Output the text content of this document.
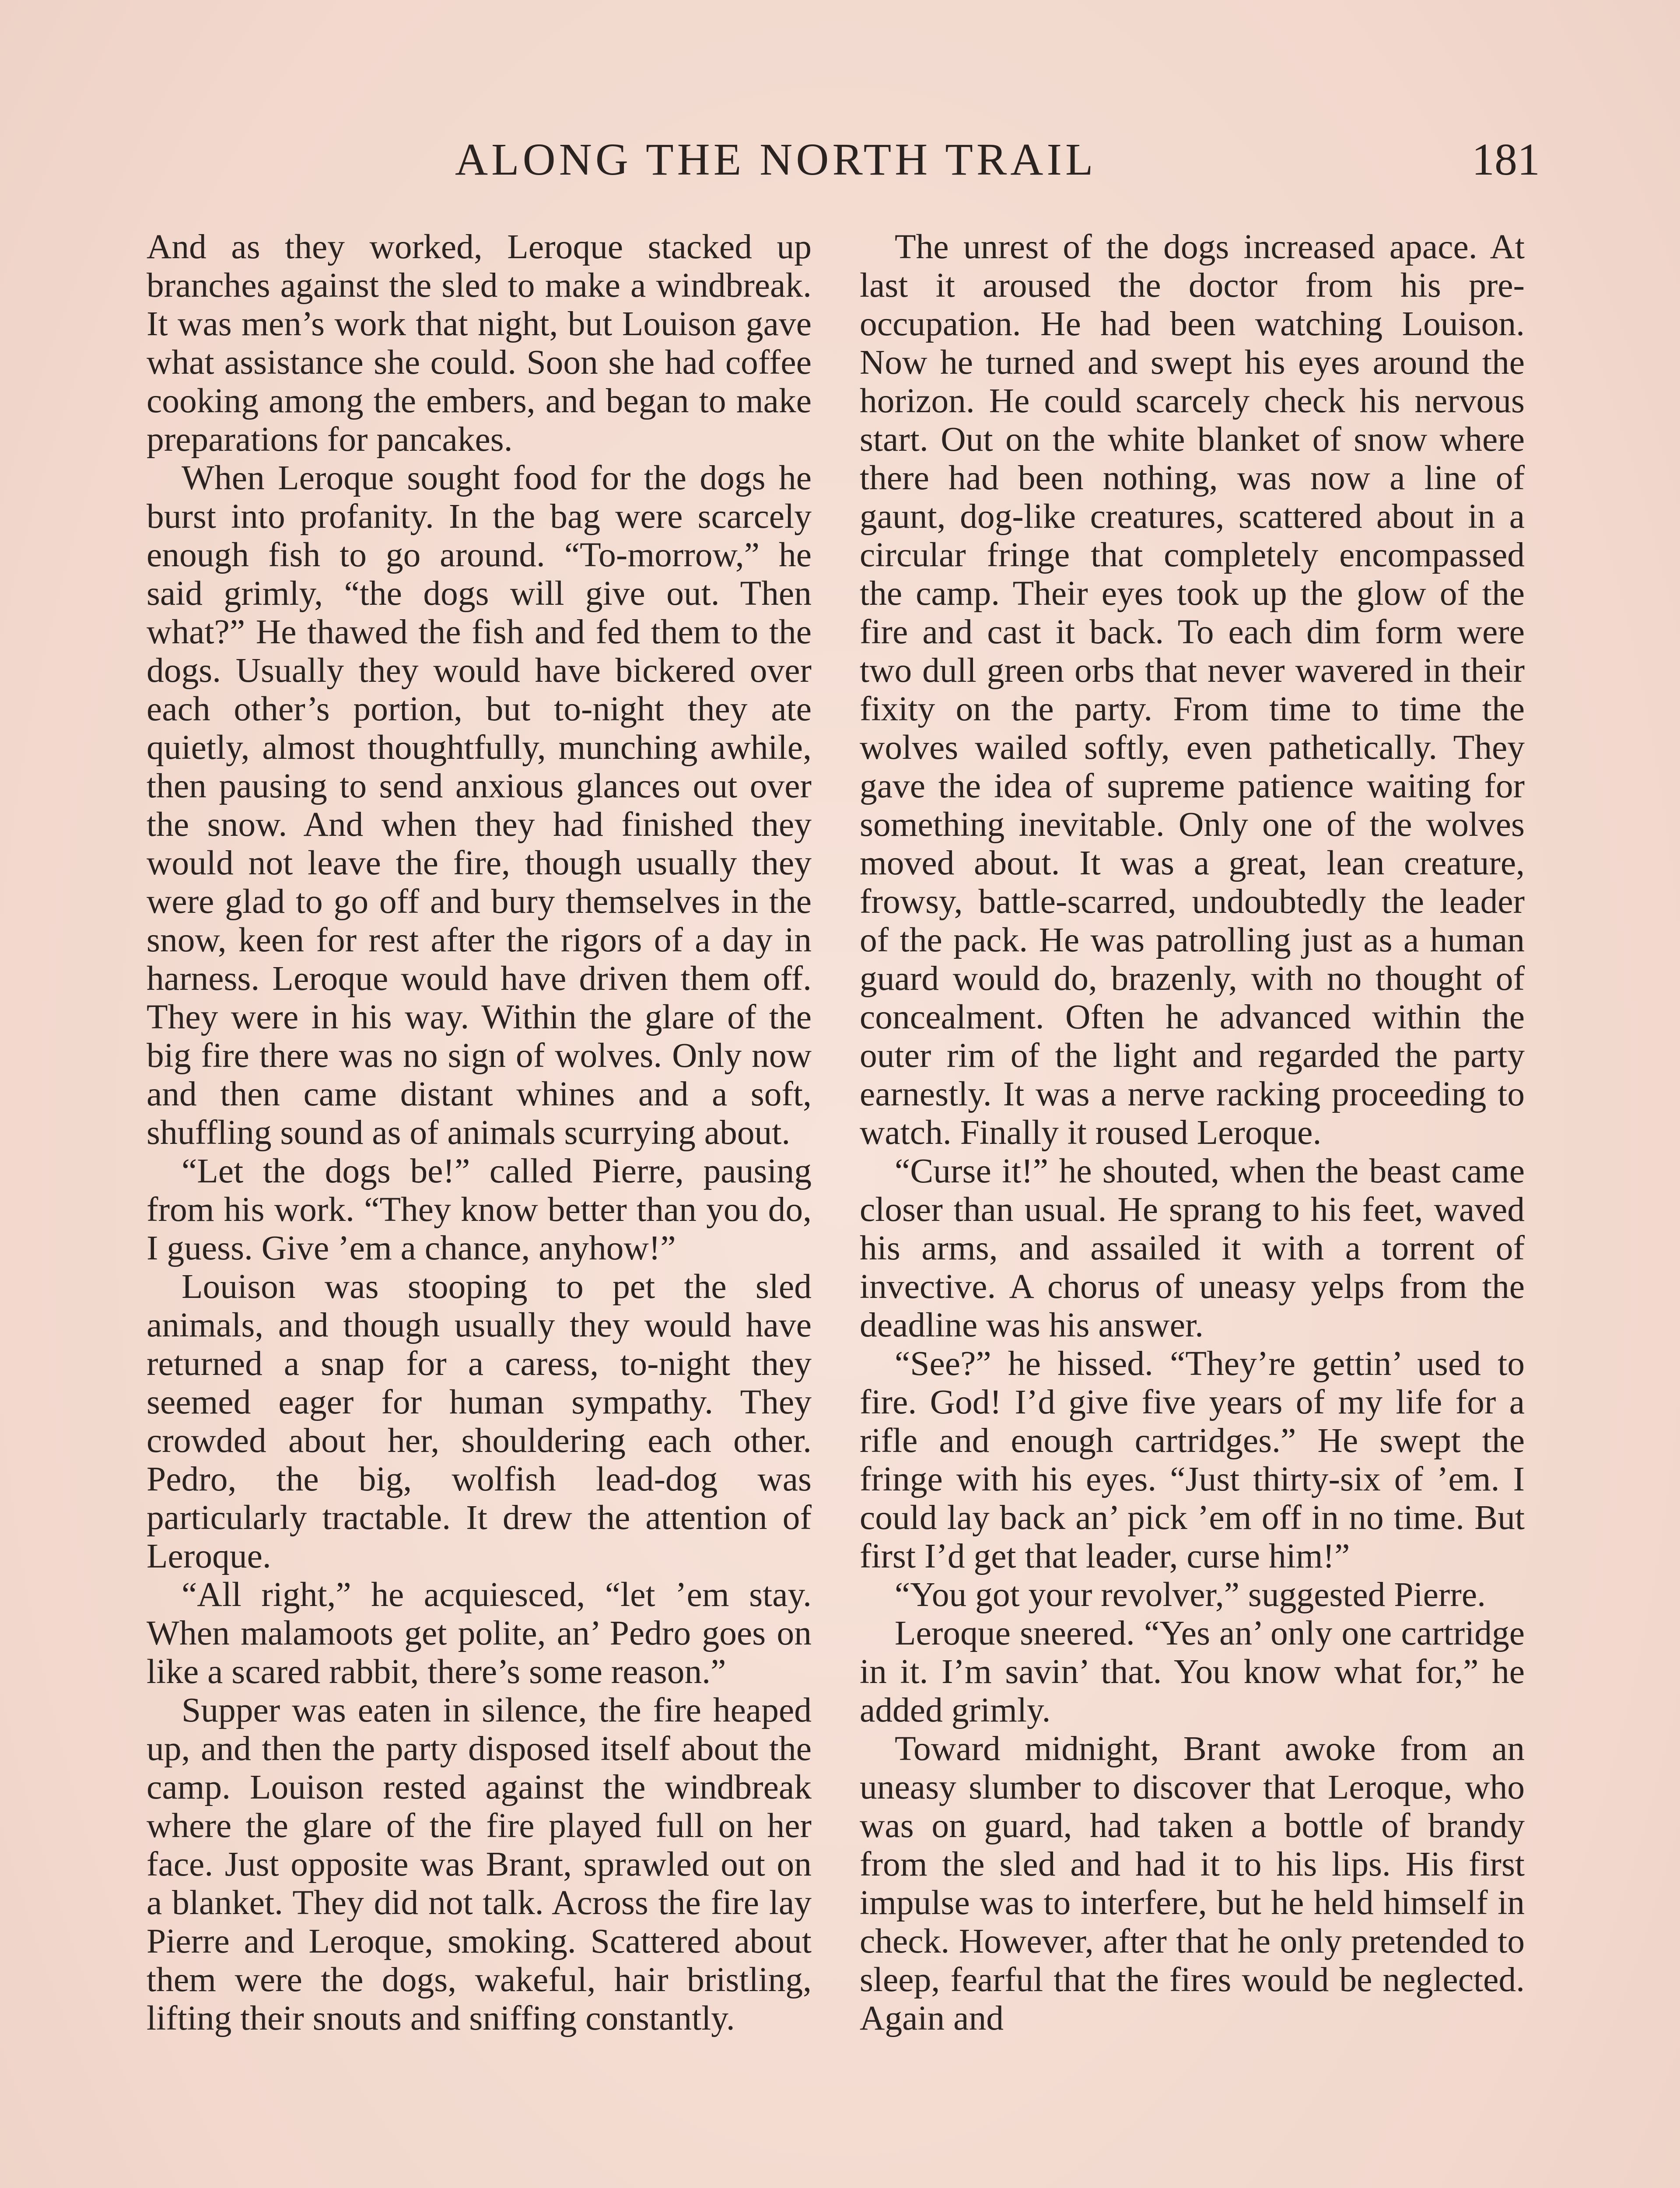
ALONG THE NORTH TRAIL	181

And as they worked, Leroque stacked up branches against the sled to make a windbreak. It was men’s work that night, but Louison gave what assistance she could. Soon she had coffee cooking among the embers, and began to make preparations for pancakes.

When Leroque sought food for the dogs he burst into profanity. In the bag were scarcely enough fish to go around. “To-morrow,” he said grimly, “the dogs will give out. Then what?” He thawed the fish and fed them to the dogs. Usually they would have bickered over each other’s portion, but to-night they ate quietly, almost thoughtfully, munching awhile, then pausing to send anxious glances out over the snow. And when they had finished they would not leave the fire, though usually they were glad to go off and bury themselves in the snow, keen for rest after the rigors of a day in harness. Leroque would have driven them off. They were in his way. Within the glare of the big fire there was no sign of wolves. Only now and then came distant whines and a soft, shuffling sound as of animals scurrying about.

“Let the dogs be!” called Pierre, pausing from his work. “They know better than you do, I guess. Give ’em a chance, anyhow!”

Louison was stooping to pet the sled animals, and though usually they would have returned a snap for a caress, to-night they seemed eager for human sympathy. They crowded about her, shouldering each other. Pedro, the big, wolfish lead-dog was particularly tractable. It drew the attention of Leroque.

“All right,” he acquiesced, “let ’em stay. When malamoots get polite, an’ Pedro goes on like a scared rabbit, there’s some reason.”

Supper was eaten in silence, the fire heaped up, and then the party disposed itself about the camp. Louison rested against the windbreak where the glare of the fire played full on her face. Just opposite was Brant, sprawled out on a blanket. They did not talk. Across the fire lay Pierre and Leroque, smoking. Scattered about them were the dogs, wakeful, hair bristling, lifting their snouts and sniffing constantly.

The unrest of the dogs increased apace. At last it aroused the doctor from his pre-occupation. He had been watching Louison. Now he turned and swept his eyes around the horizon. He could scarcely check his nervous start. Out on the white blanket of snow where there had been nothing, was now a line of gaunt, dog-like creatures, scattered about in a circular fringe that completely encompassed the camp. Their eyes took up the glow of the fire and cast it back. To each dim form were two dull green orbs that never wavered in their fixity on the party. From time to time the wolves wailed softly, even pathetically. They gave the idea of supreme patience waiting for something inevitable. Only one of the wolves moved about. It was a great, lean creature, frowsy, battle-scarred, undoubtedly the leader of the pack. He was patrolling just as a human guard would do, brazenly, with no thought of concealment. Often he advanced within the outer rim of the light and regarded the party earnestly. It was a nerve racking proceeding to watch. Finally it roused Leroque.

“Curse it!” he shouted, when the beast came closer than usual. He sprang to his feet, waved his arms, and assailed it with a torrent of invective. A chorus of uneasy yelps from the deadline was his answer.

“See?” he hissed. “They’re gettin’ used to fire. God! I’d give five years of my life for a rifle and enough cartridges.” He swept the fringe with his eyes. “Just thirty-six of ’em. I could lay back an’ pick ’em off in no time. But first I’d get that leader, curse him!”

“You got your revolver,” suggested Pierre.

Leroque sneered. “Yes an’ only one cartridge in it. I’m savin’ that. You know what for,” he added grimly.

Toward midnight, Brant awoke from an uneasy slumber to discover that Leroque, who was on guard, had taken a bottle of brandy from the sled and had it to his lips. His first impulse was to interfere, but he held himself in check. However, after that he only pretended to sleep, fearful that the fires would be neglected. Again and
